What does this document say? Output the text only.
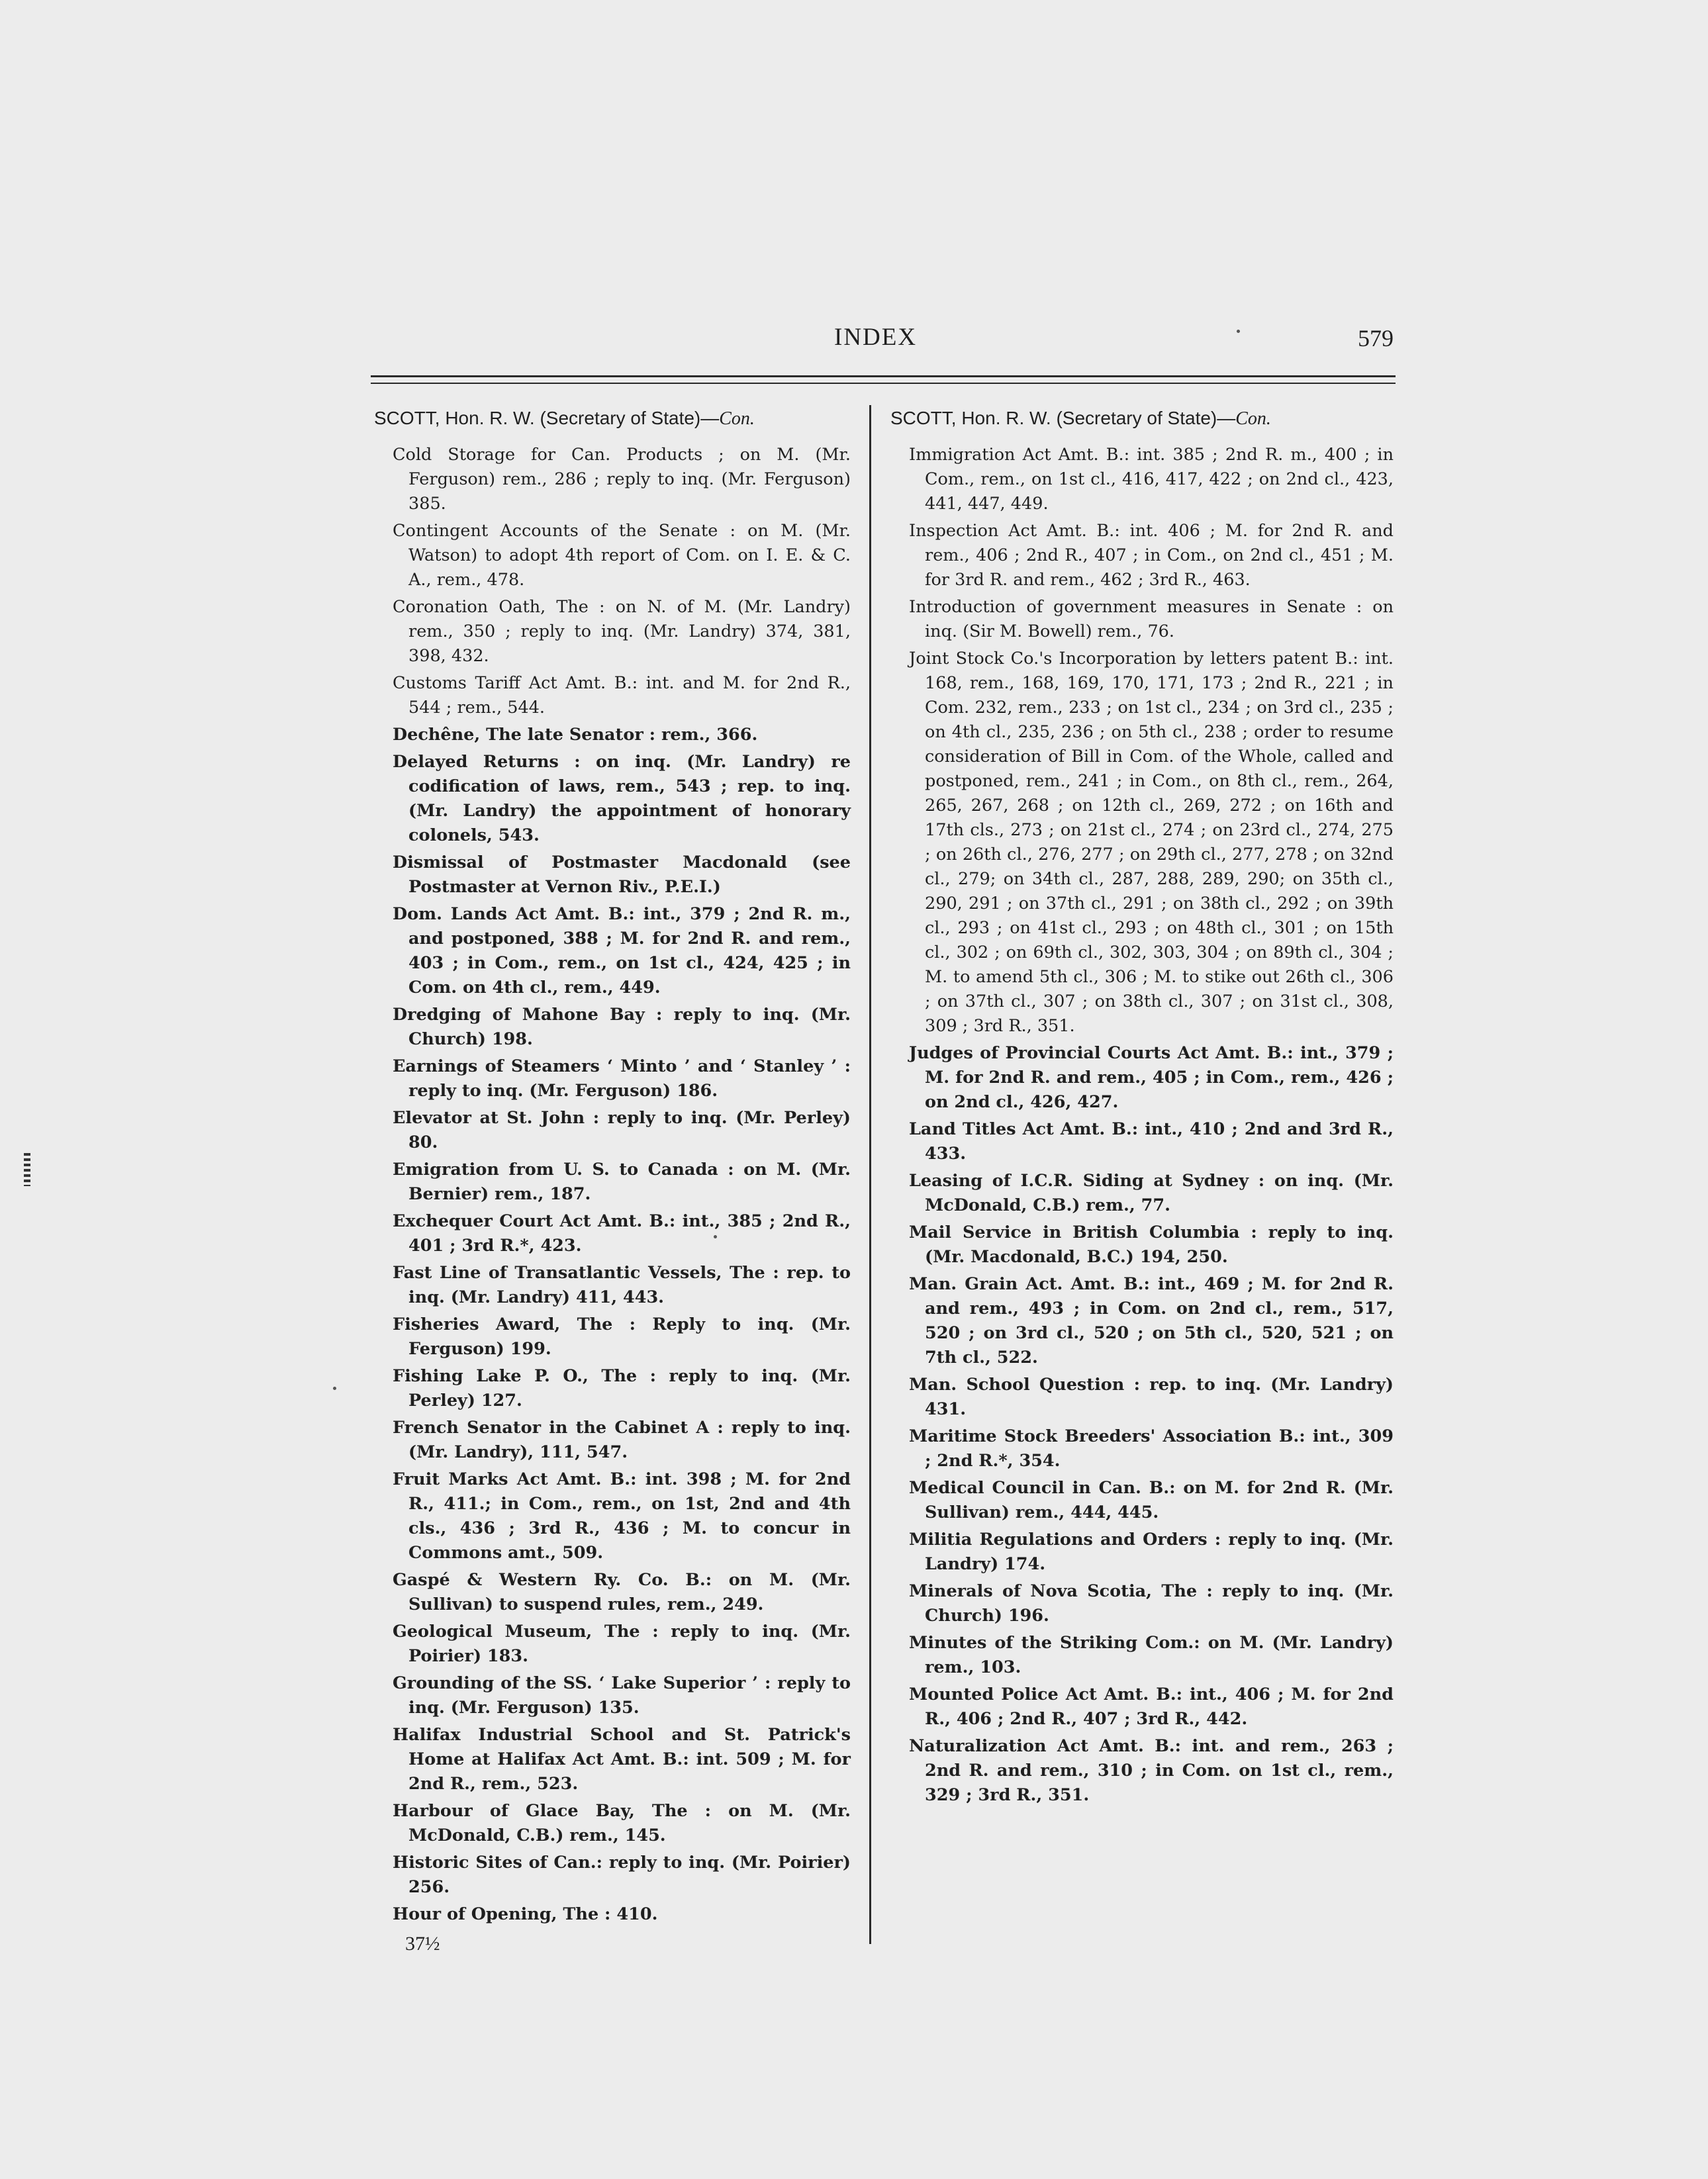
INDEX	579
SCOTT, Hon. R. W. (Secretary of State)—Con.

Cold Storage for Can. Products ; on M. (Mr. Ferguson) rem., 286 ; reply to inq. (Mr. Ferguson) 385.

Contingent Accounts of the Senate : on M. (Mr. Watson) to adopt 4th report of Com. on I. E. & C. A., rem., 478.

Coronation Oath, The : on N. of M. (Mr. Landry) rem., 350 ; reply to inq. (Mr. Landry) 374, 381, 398, 432.

Customs Tariff Act Amt. B.: int. and M. for 2nd R., 544 ; rem., 544.

Dechêne, The late Senator : rem., 366.

Delayed Returns : on inq. (Mr. Landry) re codification of laws, rem., 543 ; rep. to inq. (Mr. Landry) the appointment of honorary colonels, 543.

Dismissal of Postmaster Macdonald (see Postmaster at Vernon Riv., P.E.I.)

Dom. Lands Act Amt. B.: int., 379 ; 2nd R. m., and postponed, 388 ; M. for 2nd R. and rem., 403 ; in Com., rem., on 1st cl., 424, 425 ; in Com. on 4th cl., rem., 449.

Dredging of Mahone Bay : reply to inq. (Mr. Church) 198.

Earnings of Steamers ‘ Minto ’ and ‘ Stanley ’ : reply to inq. (Mr. Ferguson) 186.

Elevator at St. John : reply to inq. (Mr. Perley) 80.

Emigration from U. S. to Canada : on M. (Mr. Bernier) rem., 187.

Exchequer Court Act Amt. B.: int., 385 ; 2nd R., 401 ; 3rd R.*, 423.

Fast Line of Transatlantic Vessels, The : rep. to inq. (Mr. Landry) 411, 443.

Fisheries Award, The : Reply to inq. (Mr. Ferguson) 199.

Fishing Lake P. O., The : reply to inq. (Mr. Perley) 127.

French Senator in the Cabinet A : reply to inq. (Mr. Landry), 111, 547.

Fruit Marks Act Amt. B.: int. 398 ; M. for 2nd R., 411.; in Com., rem., on 1st, 2nd and 4th cls., 436 ; 3rd R., 436 ; M. to concur in Commons amt., 509.

Gaspé & Western Ry. Co. B.: on M. (Mr. Sullivan) to suspend rules, rem., 249.

Geological Museum, The : reply to inq. (Mr. Poirier) 183.

Grounding of the SS. ‘ Lake Superior ’ : reply to inq. (Mr. Ferguson) 135.

Halifax Industrial School and St. Patrick's Home at Halifax Act Amt. B.: int. 509 ; M. for 2nd R., rem., 523.

Harbour of Glace Bay, The : on M. (Mr. McDonald, C.B.) rem., 145.

Historic Sites of Can.: reply to inq. (Mr. Poirier) 256.

Hour of Opening, The : 410.

SCOTT, Hon. R. W. (Secretary of State)—Con.

Immigration Act Amt. B.: int. 385 ; 2nd R. m., 400 ; in Com., rem., on 1st cl., 416, 417, 422 ; on 2nd cl., 423, 441, 447, 449.

Inspection Act Amt. B.: int. 406 ; M. for 2nd R. and rem., 406 ; 2nd R., 407 ; in Com., on 2nd cl., 451 ; M. for 3rd R. and rem., 462 ; 3rd R., 463.

Introduction of government measures in Senate : on inq. (Sir M. Bowell) rem., 76.

Joint Stock Co.'s Incorporation by letters patent B.: int. 168, rem., 168, 169, 170, 171, 173 ; 2nd R., 221 ; in Com. 232, rem., 233 ; on 1st cl., 234 ; on 3rd cl., 235 ; on 4th cl., 235, 236 ; on 5th cl., 238 ; order to resume consideration of Bill in Com. of the Whole, called and postponed, rem., 241 ; in Com., on 8th cl., rem., 264, 265, 267, 268 ; on 12th cl., 269, 272 ; on 16th and 17th cls., 273 ; on 21st cl., 274 ; on 23rd cl., 274, 275 ; on 26th cl., 276, 277 ; on 29th cl., 277, 278 ; on 32nd cl., 279; on 34th cl., 287, 288, 289, 290; on 35th cl., 290, 291 ; on 37th cl., 291 ; on 38th cl., 292 ; on 39th cl., 293 ; on 41st cl., 293 ; on 48th cl., 301 ; on 15th cl., 302 ; on 69th cl., 302, 303, 304 ; on 89th cl., 304 ; M. to amend 5th cl., 306 ; M. to stike out 26th cl., 306 ; on 37th cl., 307 ; on 38th cl., 307 ; on 31st cl., 308, 309 ; 3rd R., 351.

Judges of Provincial Courts Act Amt. B.: int., 379 ; M. for 2nd R. and rem., 405 ; in Com., rem., 426 ; on 2nd cl., 426, 427.

Land Titles Act Amt. B.: int., 410 ; 2nd and 3rd R., 433.

Leasing of I.C.R. Siding at Sydney : on inq. (Mr. McDonald, C.B.) rem., 77.

Mail Service in British Columbia : reply to inq. (Mr. Macdonald, B.C.) 194, 250.

Man. Grain Act. Amt. B.: int., 469 ; M. for 2nd R. and rem., 493 ; in Com. on 2nd cl., rem., 517, 520 ; on 3rd cl., 520 ; on 5th cl., 520, 521 ; on 7th cl., 522.

Man. School Question : rep. to inq. (Mr. Landry) 431.

Maritime Stock Breeders' Association B.: int., 309 ; 2nd R.*, 354.

Medical Council in Can. B.: on M. for 2nd R. (Mr. Sullivan) rem., 444, 445.

Militia Regulations and Orders : reply to inq. (Mr. Landry) 174.

Minerals of Nova Scotia, The : reply to inq. (Mr. Church) 196.

Minutes of the Striking Com.: on M. (Mr. Landry) rem., 103.

Mounted Police Act Amt. B.: int., 406 ; M. for 2nd R., 406 ; 2nd R., 407 ; 3rd R., 442.

Naturalization Act Amt. B.: int. and rem., 263 ; 2nd R. and rem., 310 ; in Com. on 1st cl., rem., 329 ; 3rd R., 351.

37½
